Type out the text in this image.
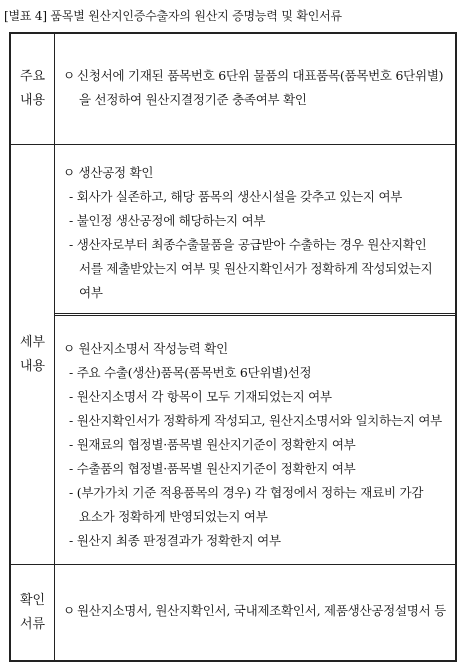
[별표 4] 품목별 원산지인증수출자의 원산지 증명능력 및 확인서류
주요 내용
ㅇ 신청서에 기재된 품목번호 6단위 물품의 대표품목(품목번호 6단위별)
을 선정하여 원산지결정기준 충족여부 확인
세부 내용
ㅇ 생산공정 확인
- 회사가 실존하고, 해당 품목의 생산시설을 갖추고 있는지 여부
- 불인정 생산공정에 해당하는지 여부
- 생산자로부터 최종수출물품을 공급받아 수출하는 경우 원산지확인
서를 제출받았는지 여부 및 원산지확인서가 정확하게 작성되었는지
여부
ㅇ 원산지소명서 작성능력 확인
- 주요 수출(생산)품목(품목번호 6단위별)선정
- 원산지소명서 각 항목이 모두 기재되었는지 여부
- 원산지확인서가 정확하게 작성되고, 원산지소명서와 일치하는지 여부
- 원재료의 협정별·품목별 원산지기준이 정확한지 여부
- 수출품의 협정별·품목별 원산지기준이 정확한지 여부
- (부가가치 기준 적용품목의 경우) 각 협정에서 정하는 재료비 가감
요소가 정확하게 반영되었는지 여부
- 원산지 최종 판정결과가 정확한지 여부
확인 서류
ㅇ 원산지소명서, 원산지확인서, 국내제조확인서, 제품생산공정설명서 등
